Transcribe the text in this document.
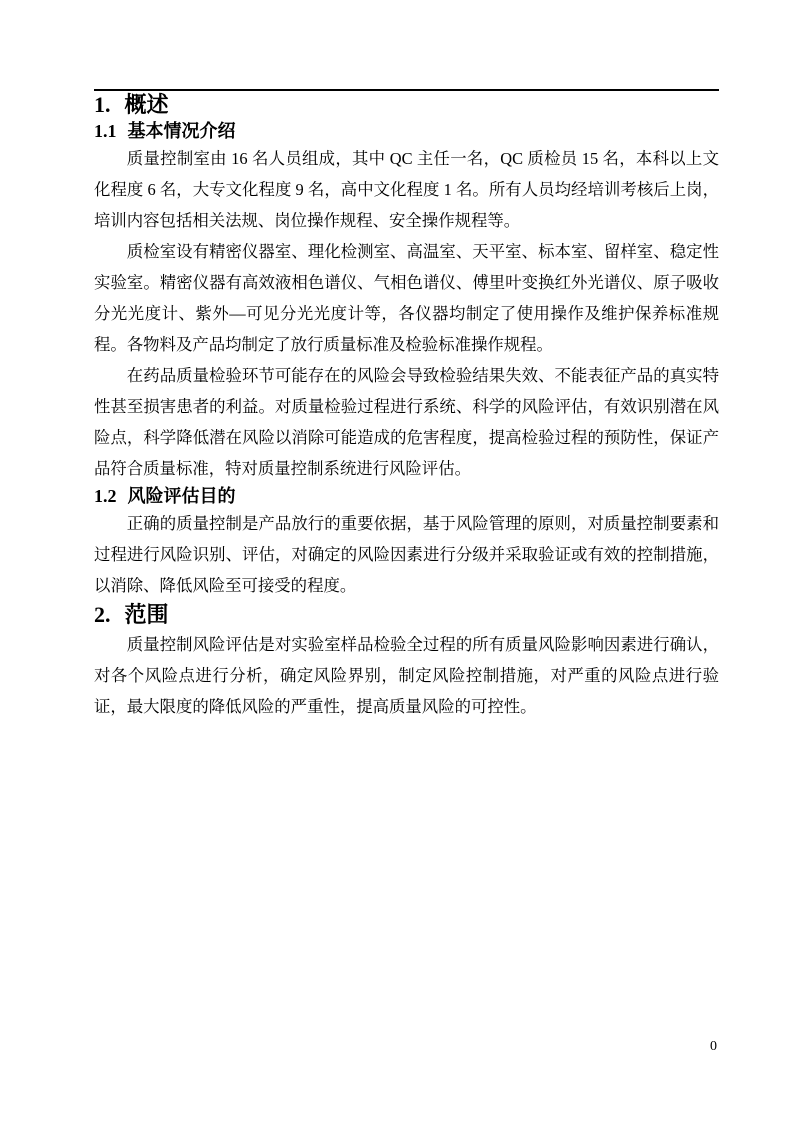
1. 概述
1.1 基本情况介绍

质量控制室由 16 名人员组成，其中 QC 主任一名，QC 质检员 15 名，本科以上文化程度 6 名，大专文化程度 9 名，高中文化程度 1 名。所有人员均经培训考核后上岗，培训内容包括相关法规、岗位操作规程、安全操作规程等。

质检室设有精密仪器室、理化检测室、高温室、天平室、标本室、留样室、稳定性实验室。精密仪器有高效液相色谱仪、气相色谱仪、傅里叶变换红外光谱仪、原子吸收分光光度计、紫外—可见分光光度计等，各仪器均制定了使用操作及维护保养标准规程。各物料及产品均制定了放行质量标准及检验标准操作规程。

在药品质量检验环节可能存在的风险会导致检验结果失效、不能表征产品的真实特性甚至损害患者的利益。对质量检验过程进行系统、科学的风险评估，有效识别潜在风险点，科学降低潜在风险以消除可能造成的危害程度，提高检验过程的预防性，保证产品符合质量标准，特对质量控制系统进行风险评估。

1.2 风险评估目的

正确的质量控制是产品放行的重要依据，基于风险管理的原则，对质量控制要素和过程进行风险识别、评估，对确定的风险因素进行分级并采取验证或有效的控制措施，以消除、降低风险至可接受的程度。

2. 范围

质量控制风险评估是对实验室样品检验全过程的所有质量风险影响因素进行确认，对各个风险点进行分析，确定风险界别，制定风险控制措施，对严重的风险点进行验证，最大限度的降低风险的严重性，提高质量风险的可控性。

0
